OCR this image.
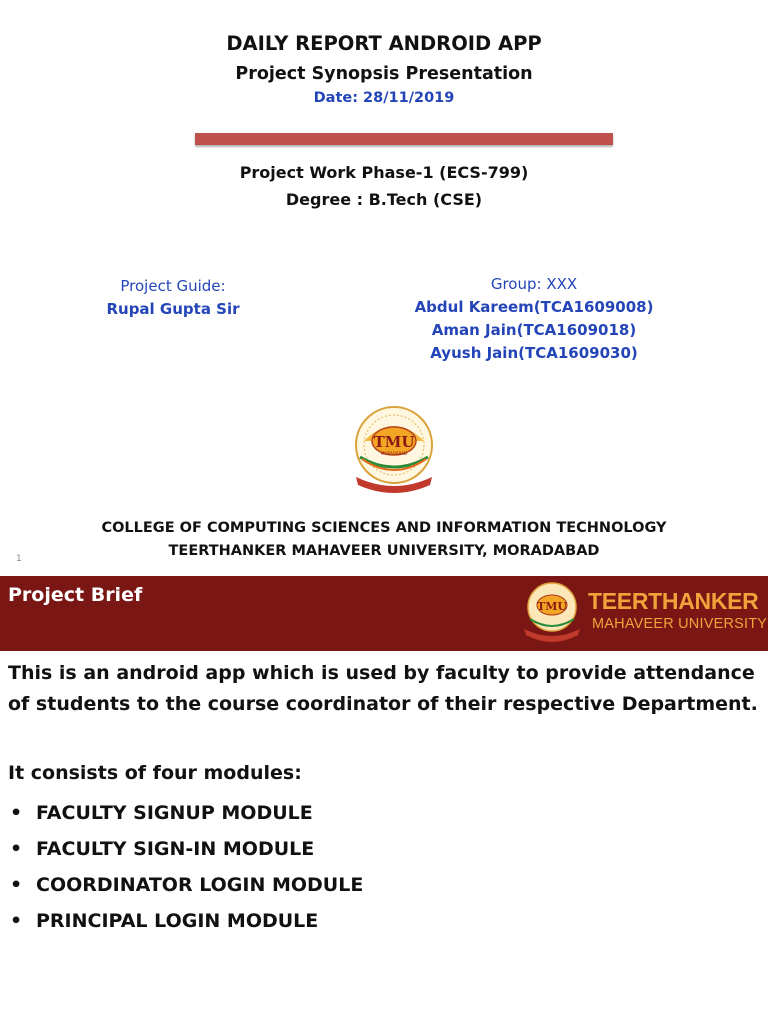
DAILY REPORT ANDROID APP
Project Synopsis Presentation
Date: 28/11/2019
Project Work Phase-1 (ECS-799)
Degree : B.Tech (CSE)
Project Guide:
Rupal Gupta Sir
Group: XXX
Abdul Kareem(TCA1609008)
Aman Jain(TCA1609018)
Ayush Jain(TCA1609030)
TMU
MORADABAD
COLLEGE OF COMPUTING SCIENCES AND INFORMATION TECHNOLOGY
TEERTHANKER MAHAVEER UNIVERSITY, MORADABAD
1
Project Brief
TMU TEERTHANKER
MAHAVEER UNIVERSITY
This is an android app which is used by faculty to provide attendance of students to the course coordinator of their respective Department.
It consists of four modules:
• FACULTY SIGNUP MODULE
• FACULTY SIGN-IN MODULE
• COORDINATOR LOGIN MODULE
• PRINCIPAL LOGIN MODULE
